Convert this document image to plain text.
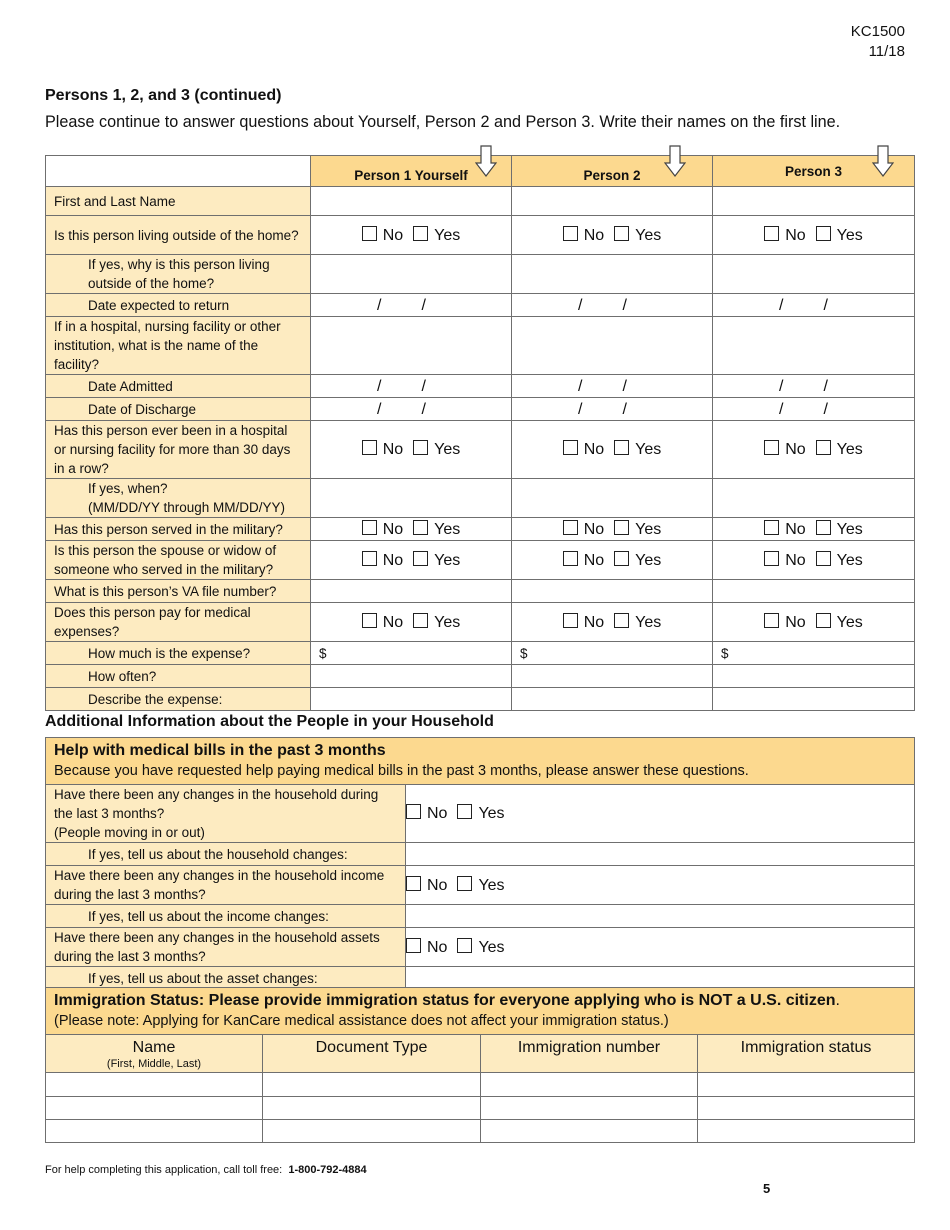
KC1500
11/18
Persons 1, 2, and 3 (continued)
Please continue to answer questions about Yourself, Person 2 and Person 3. Write their names on the first line.
	Person 1 Yourself	Person 2	Person 3

First and Last Name			
Is this person living outside of the home?	No Yes	No Yes	No Yes
If yes, why is this person living outside of the home?			
Date expected to return	/ /	/ /	/ /
If in a hospital, nursing facility or other institution, what is the name of the facility?			
Date Admitted	/ /	/ /	/ /
Date of Discharge	/ /	/ /	/ /
Has this person ever been in a hospital or nursing facility for more than 30 days in a row?	No Yes	No Yes	No Yes

If yes, when?
(MM/DD/YY through MM/DD/YY)			

Has this person served in the military?	No Yes	No Yes	No Yes
Is this person the spouse or widow of someone who served in the military?	No Yes	No Yes	No Yes
What is this person’s VA file number?			
Does this person pay for medical expenses?	No Yes	No Yes	No Yes
How much is the expense?	$	$	$
How often?			
Describe the expense:			
Additional Information about the People in your Household
Help with medical bills in the past 3 months
Because you have requested help paying medical bills in the past 3 months, please answer these questions.	

Have there been any changes in the household during the last 3 months?
(People moving in or out)	No Yes
If yes, tell us about the household changes:	
Have there been any changes in the household income during the last 3 months?	No Yes
If yes, tell us about the income changes:	
Have there been any changes in the household assets during the last 3 months?	No Yes
If yes, tell us about the asset changes:	
Immigration Status: Please provide immigration status for everyone applying who is NOT a U.S. citizen.
(Please note: Applying for KanCare medical assistance does not affect your immigration status.)			

Name
(First, Middle, Last)	Document Type	Immigration number	Immigration status

For help completing this application, call toll free: 1-800-792-4884
5
